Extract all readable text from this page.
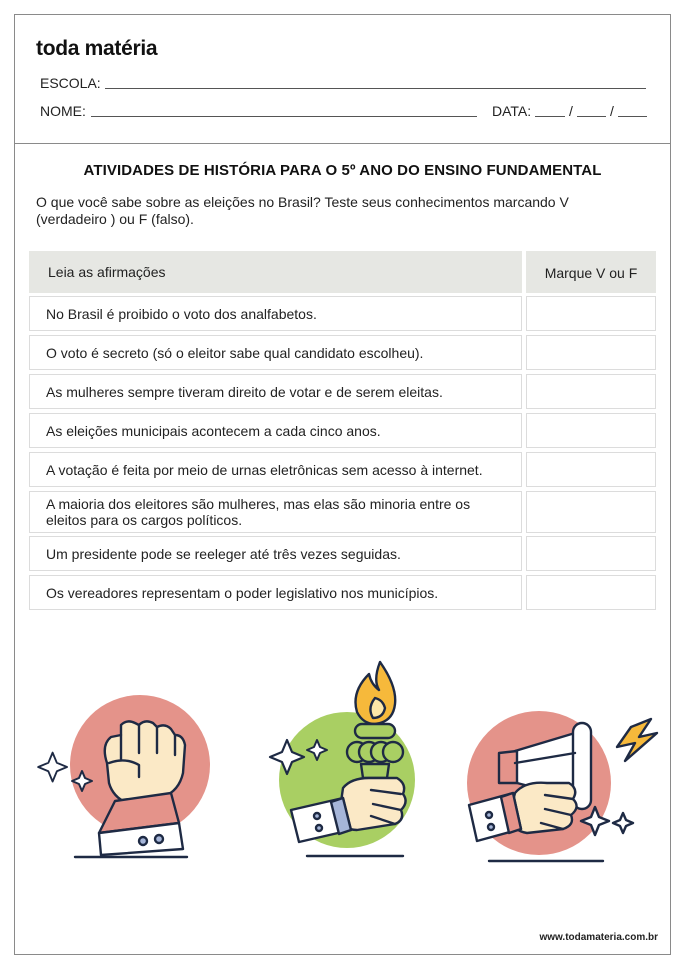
toda matéria
ESCOLA:
NOME:	DATA:	/	/
ATIVIDADES DE HISTÓRIA PARA O 5º ANO DO ENSINO FUNDAMENTAL
O que você sabe sobre as eleições no Brasil? Teste seus conhecimentos marcando V (verdadeiro ) ou F (falso).
Leia as afirmações	Marque V ou F
No Brasil é proibido o voto dos analfabetos.
O voto é secreto (só o eleitor sabe qual candidato escolheu).
As mulheres sempre tiveram direito de votar e de serem eleitas.
As eleições municipais acontecem a cada cinco anos.
A votação é feita por meio de urnas eletrônicas sem acesso à internet.
A maioria dos eleitores são mulheres, mas elas são minoria entre os eleitos para os cargos políticos.
Um presidente pode se reeleger até três vezes seguidas.
Os vereadores representam o poder legislativo nos municípios.
www.todamateria.com.br
